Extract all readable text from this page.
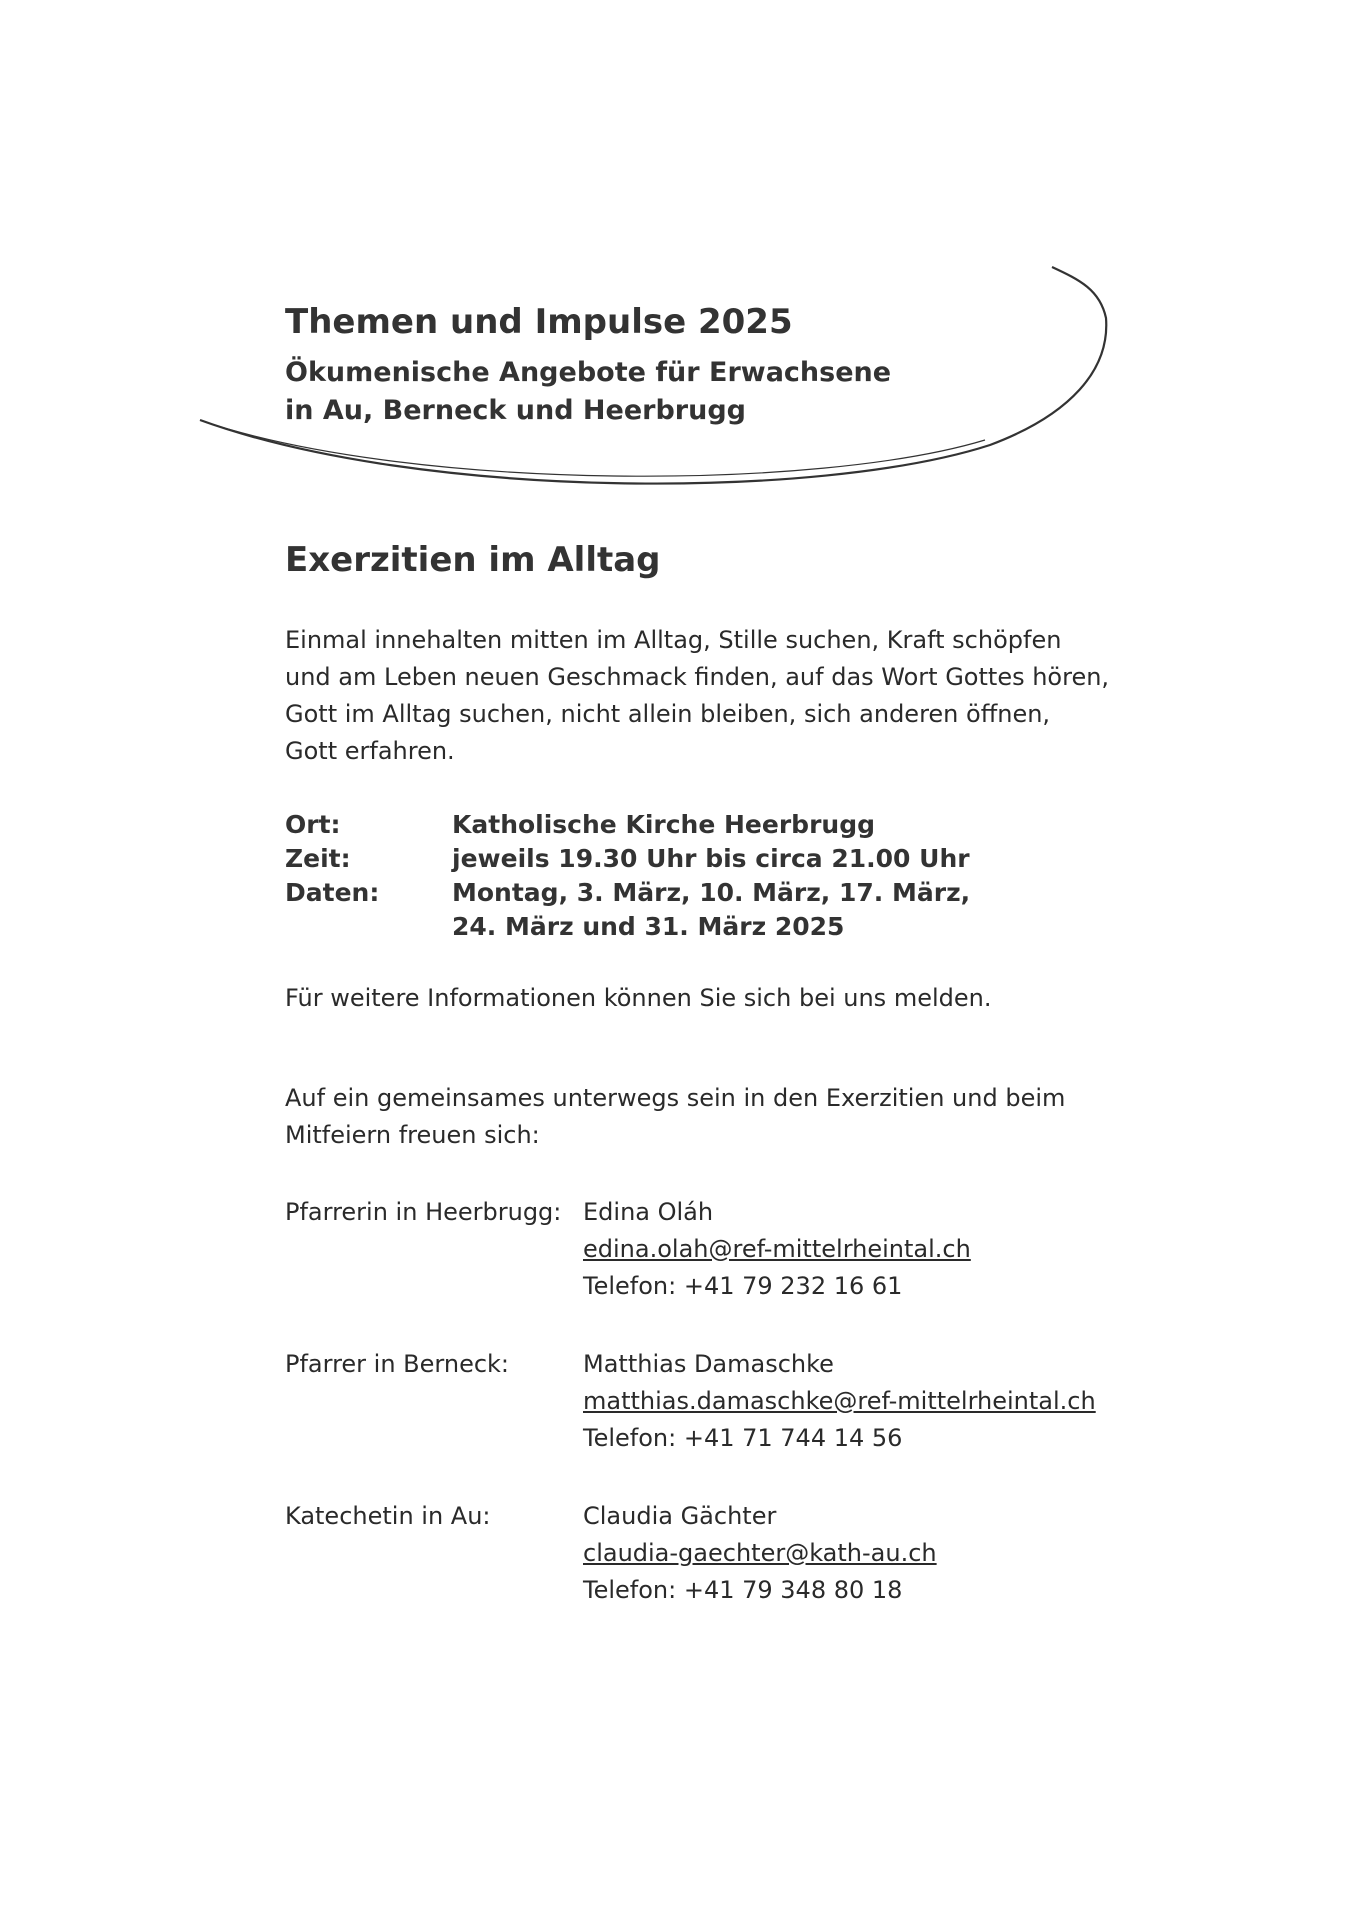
Themen und Impulse 2025
Ökumenische Angebote für Erwachsene
in Au, Berneck und Heerbrugg
Exerzitien im Alltag

Einmal innehalten mitten im Alltag, Stille suchen, Kraft schöpfen
und am Leben neuen Geschmack finden, auf das Wort Gottes hören,
Gott im Alltag suchen, nicht allein bleiben, sich anderen öffnen,
Gott erfahren.

Ort:	Katholische Kirche Heerbrugg
Zeit:	jeweils 19.30 Uhr bis circa 21.00 Uhr
Daten:	Montag, 3. März, 10. März, 17. März,
24. März und 31. März 2025

Für weitere Informationen können Sie sich bei uns melden.

Auf ein gemeinsames unterwegs sein in den Exerzitien und beim
Mitfeiern freuen sich:

Pfarrerin in Heerbrugg: Edina Oláh
edina.olah@ref-mittelrheintal.ch
Telefon: +41 79 232 16 61
Pfarrer in Berneck:	Matthias Damaschke
matthias.damaschke@ref-mittelrheintal.ch
Telefon: +41 71 744 14 56
Katechetin in Au:	Claudia Gächter
claudia-gaechter@kath-au.ch
Telefon: +41 79 348 80 18
